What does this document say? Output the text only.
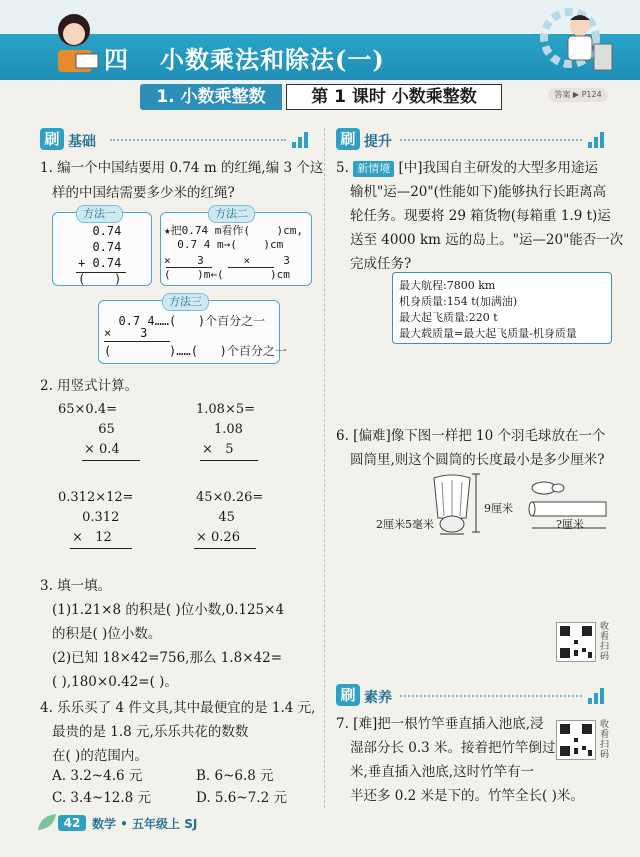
四 小数乘法和除法(一)
1. 小数乘整数	第 1 课时 小数乘整数	答案 ▶ P124
刷 基础	刷 提升
刷 素养
1. 编一个中国结要用 0.74 m 的红绳,编 3 个这
样的中国结需要多少米的红绳?
方法一
0.74
0.74
+ 0.74
(    )
方法二
★把0.74 m看作(    )cm,
0.7 4 m→(    )cm
×    3      ×     3
(    )m←(       )cm
方法三
0.7 4……(   )个百分之一
×    3
(        )……(   )个百分之一
2. 用竖式计算。
65×0.4=
65
× 0.4
1.08×5=
1.08
×   5
0.312×12=
0.312
×   12
45×0.26=
45
× 0.26
3. 填一填。
(1)1.21×8 的积是( )位小数,0.125×4
的积是( )位小数。
(2)已知 18×42=756,那么 1.8×42=
( ),180×0.42=( )。
4. 乐乐买了 4 件文具,其中最便宜的是 1.4 元,
最贵的是 1.8 元,乐乐共花的数数
在( )的范围内。
A. 3.2~4.6 元	B. 6~6.8 元
C. 3.4~12.8 元	D. 5.6~7.2 元
5. 新情境 [中]我国自主研发的大型多用途运
输机"运—20"(性能如下)能够执行长距离高
轮任务。现要将 29 箱货物(每箱重 1.9 t)运
送至 4000 km 远的岛上。"运—20"能否一次
完成任务?
最大航程:7800 km
机身质量:154 t(加满油)
最大起飞质量:220 t
最大载质量=最大起飞质量-机身质量
6. [偏难]像下图一样把 10 个羽毛球放在一个
圆筒里,则这个圆筒的长度最小是多少厘米?
9厘米
2厘米5毫米	?厘米
收看扫码
收看扫码
7. [难]把一根竹竿垂直插入池底,浸
湿部分长 0.3 米。接着把竹竿倒过
米,垂直插入池底,这时竹竿有一
半还多 0.2 米是下的。竹竿全长( )米。
42 数学 • 五年级上 SJ
